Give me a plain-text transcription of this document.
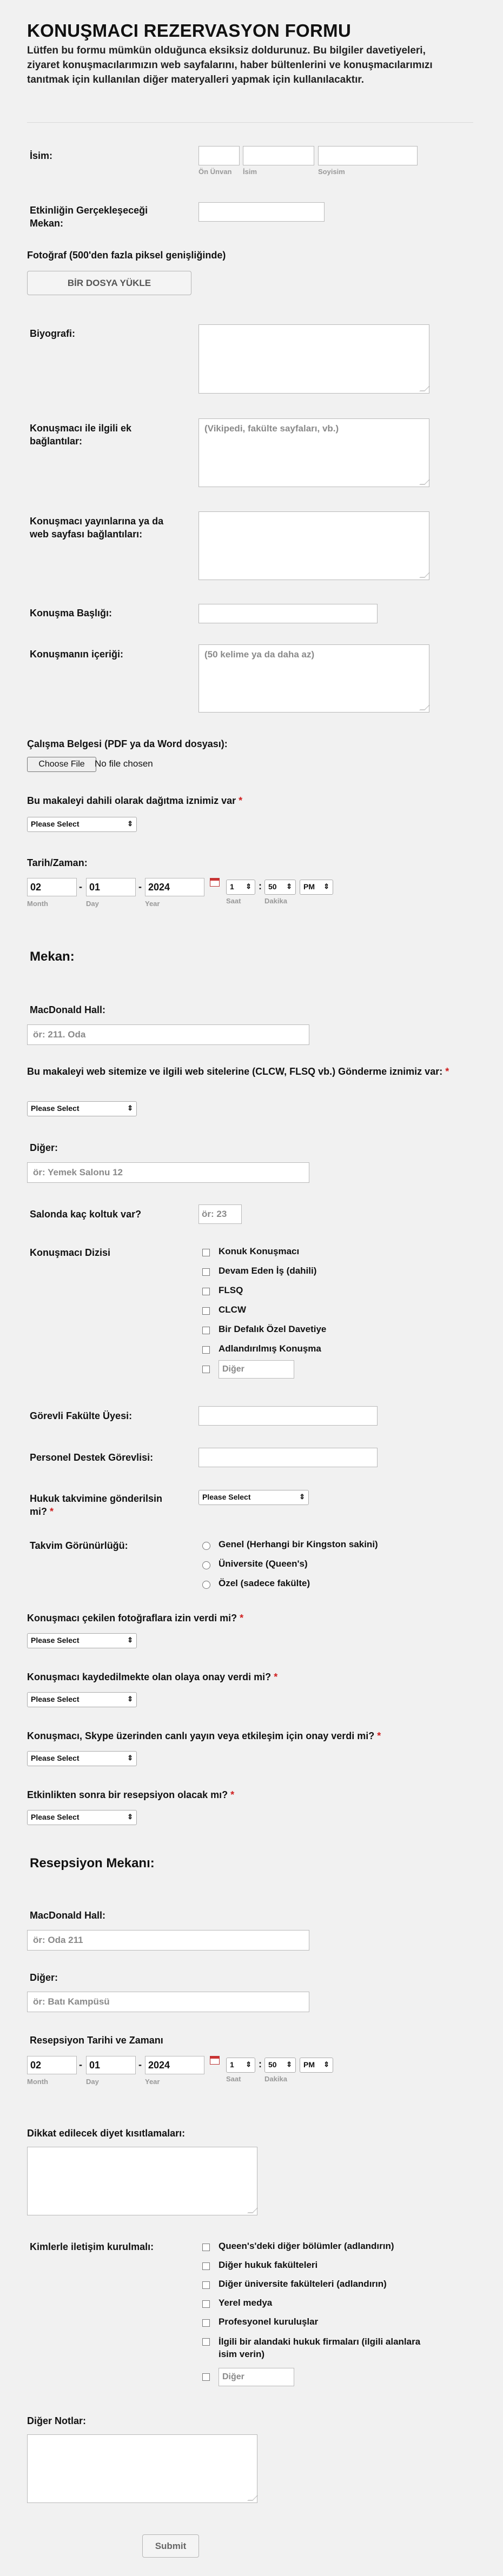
KONUŞMACI REZERVASYON FORMU
Lütfen bu formu mümkün olduğunca eksiksiz doldurunuz. Bu bilgiler davetiyeleri, ziyaret konuşmacılarımızın web sayfalarını, haber bültenlerini ve konuşmacılarımızı tanıtmak için kullanılan diğer materyalleri yapmak için kullanılacaktır.
İsim:
Ön Ünvan İsim	Soyisim
Etkinliğin Gerçekleşeceği Mekan:
Fotoğraf (500'den fazla piksel genişliğinde)
BİR DOSYA YÜKLE
Biyografi:
Konuşmacı ile ilgili ek bağlantılar:
(Vikipedi, fakülte sayfaları, vb.)
Konuşmacı yayınlarına ya da web sayfası bağlantıları:
Konuşma Başlığı:
Konuşmanın içeriği:	(50 kelime ya da daha az)
Çalışma Belgesi (PDF ya da Word dosyası):
Choose File	No file chosen
Bu makaleyi dahili olarak dağıtma iznimiz var *
Please Select ⇕
Tarih/Zaman:
02	- 01	- 2024	1 ⇕	: 50 ⇕	PM ⇕
Month	Day	Year	Saat	Dakika
Mekan:
MacDonald Hall:
ör: 211. Oda
Bu makaleyi web sitemize ve ilgili web sitelerine (CLCW, FLSQ vb.) Gönderme iznimiz var: *
Please Select ⇕
Diğer:
ör: Yemek Salonu 12
Salonda kaç koltuk var?	ör: 23
Konuşmacı Dizisi	Konuk Konuşmacı
Devam Eden İş (dahili)
FLSQ
CLCW
Bir Defalık Özel Davetiye
Adlandırılmış Konuşma
Diğer
Görevli Fakülte Üyesi:
Personel Destek Görevlisi:
Hukuk takvimine gönderilsin mi? *
Please Select ⇕
Takvim Görünürlüğü:	Genel (Herhangi bir Kingston sakini)
Üniversite (Queen's)
Özel (sadece fakülte)
Konuşmacı çekilen fotoğraflara izin verdi mi? *
Please Select ⇕
Konuşmacı kaydedilmekte olan olaya onay verdi mi? *
Please Select ⇕
Konuşmacı, Skype üzerinden canlı yayın veya etkileşim için onay verdi mi? *
Please Select ⇕
Etkinlikten sonra bir resepsiyon olacak mı? *
Please Select ⇕
Resepsiyon Mekanı:
MacDonald Hall:
ör: Oda 211
Diğer:
ör: Batı Kampüsü
Resepsiyon Tarihi ve Zamanı
02	- 01	- 2024	1 ⇕	: 50 ⇕	PM ⇕
Month	Day	Year	Saat	Dakika
Dikkat edilecek diyet kısıtlamaları:
Kimlerle iletişim kurulmalı:	Queen's'deki diğer bölümler (adlandırın)
Diğer hukuk fakülteleri
Diğer üniversite fakülteleri (adlandırın)
Yerel medya
Profesyonel kuruluşlar
İlgili bir alandaki hukuk firmaları (ilgili alanlara isim verin)
Diğer
Diğer Notlar:
Submit
